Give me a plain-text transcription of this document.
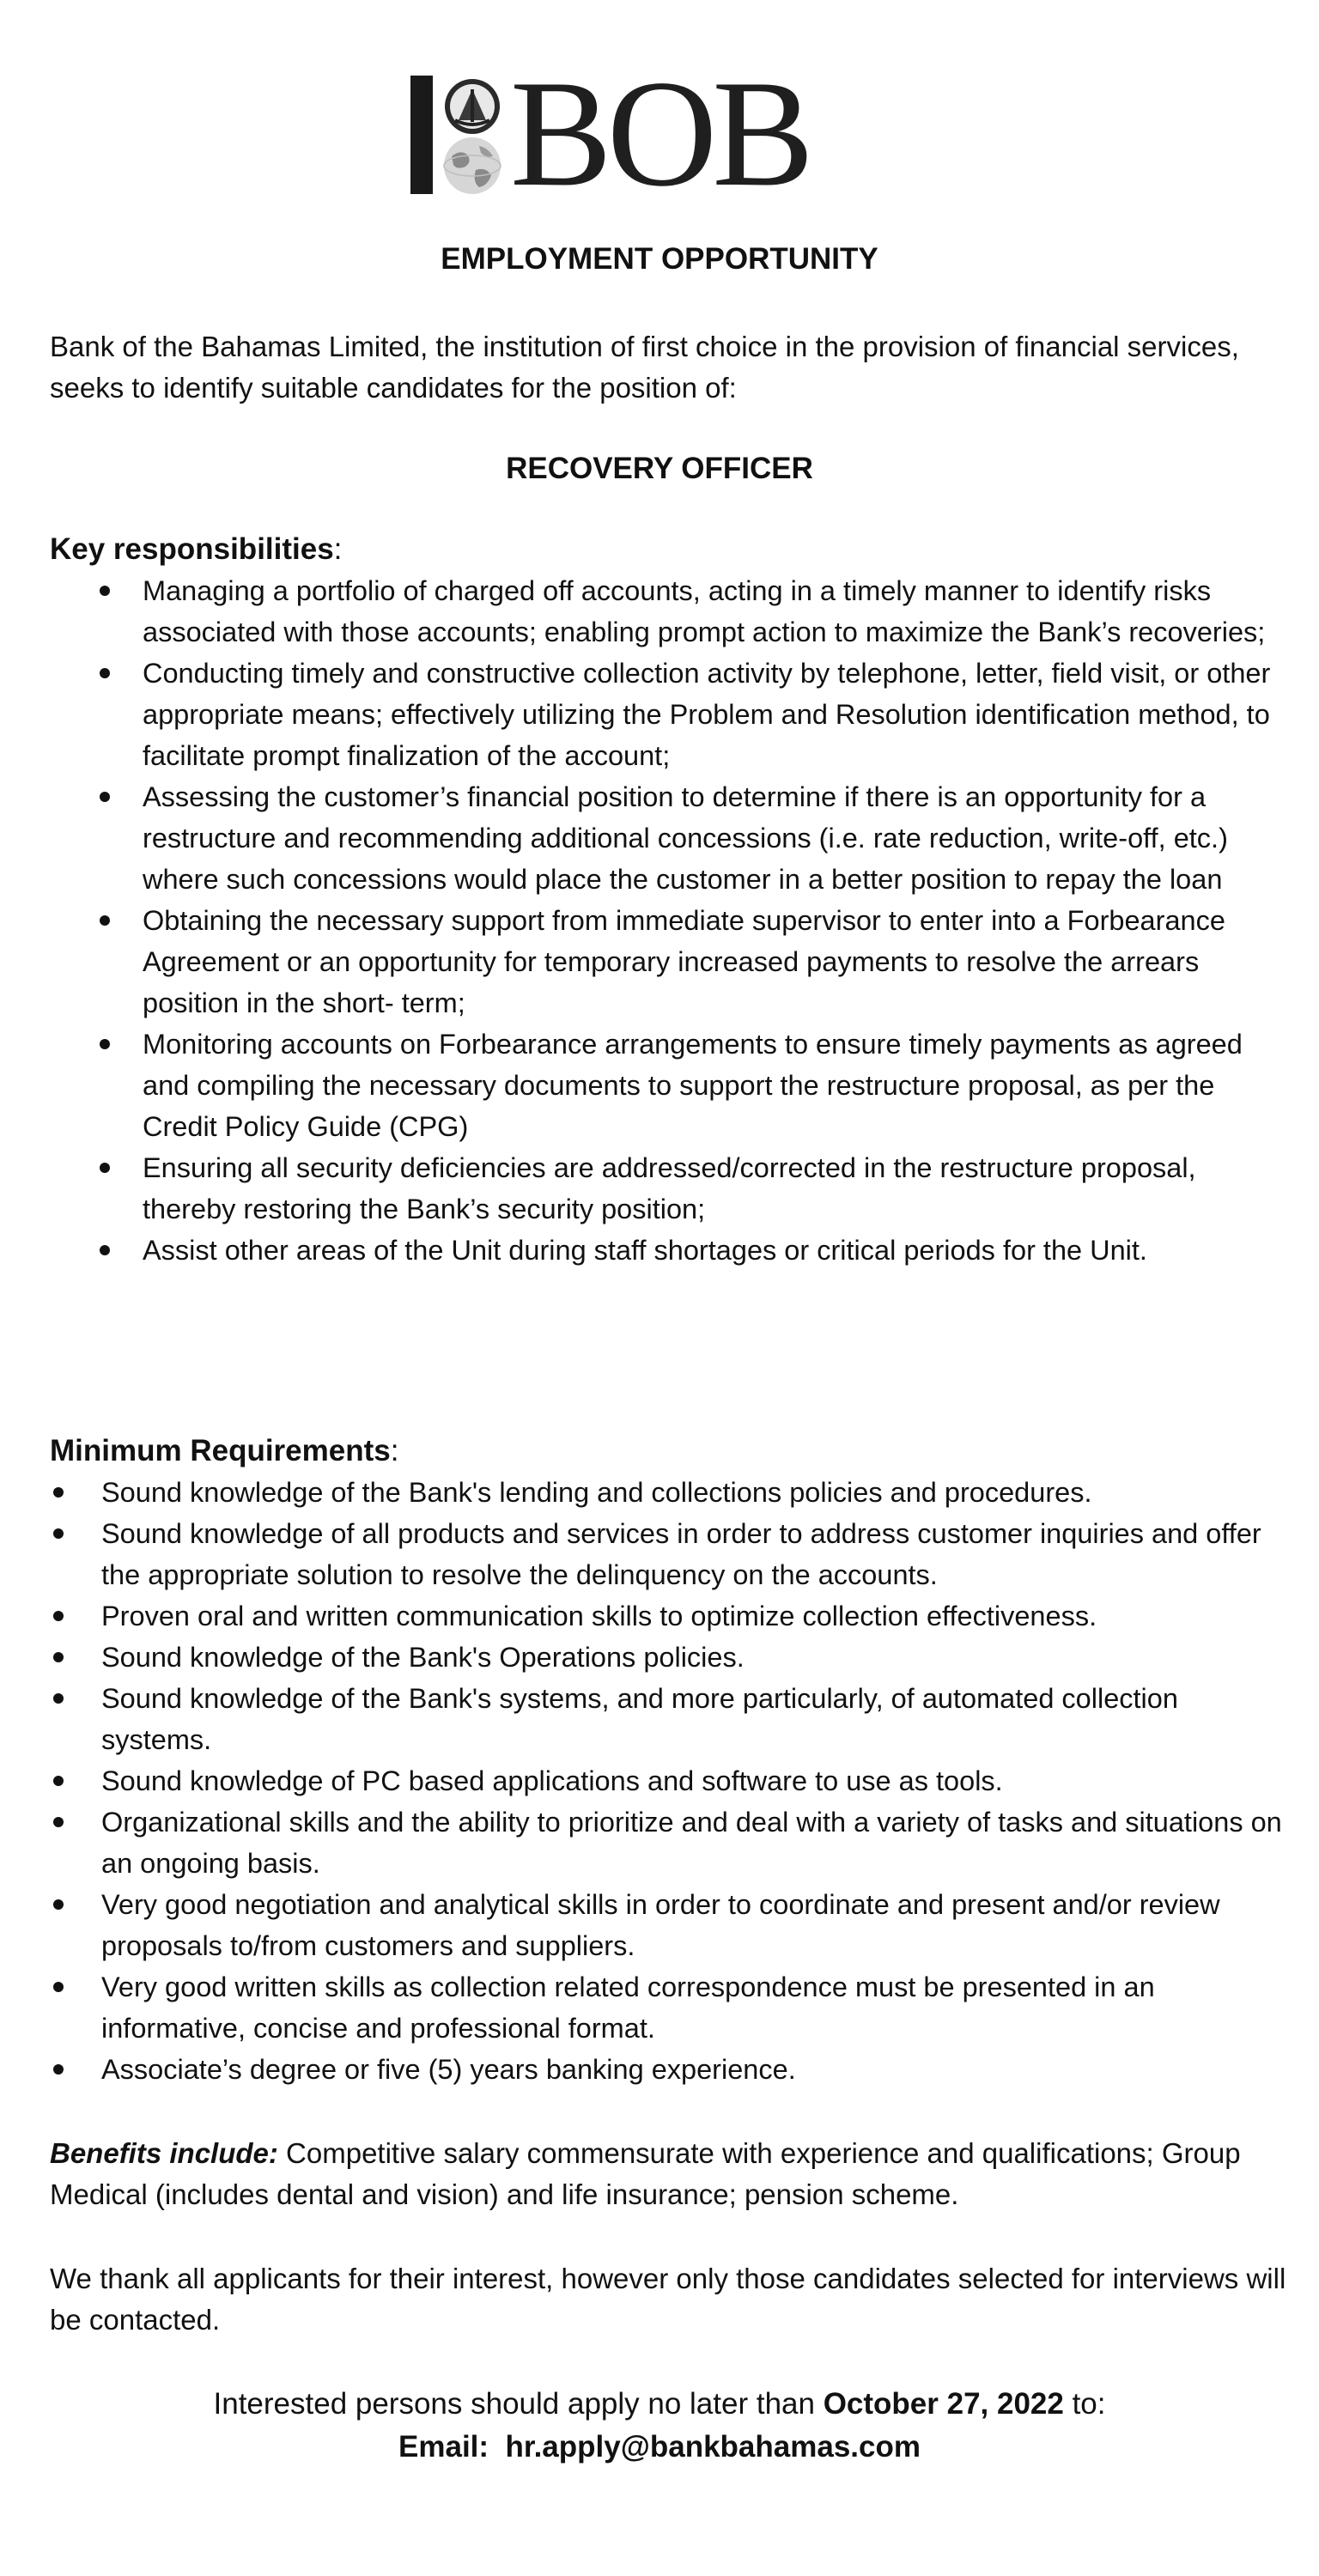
BOB
EMPLOYMENT OPPORTUNITY
Bank of the Bahamas Limited, the institution of first choice in the provision of financial services, seeks to identify suitable candidates for the position of:
RECOVERY OFFICER
Key responsibilities:
Managing a portfolio of charged off accounts, acting in a timely manner to identify risks associated with those accounts; enabling prompt action to maximize the Bank’s recoveries;
Conducting timely and constructive collection activity by telephone, letter, field visit, or other appropriate means; effectively utilizing the Problem and Resolution identification method, to facilitate prompt finalization of the account;
Assessing the customer’s financial position to determine if there is an opportunity for a restructure and recommending additional concessions (i.e. rate reduction, write-off, etc.) where such concessions would place the customer in a better position to repay the loan
Obtaining the necessary support from immediate supervisor to enter into a Forbearance Agreement or an opportunity for temporary increased payments to resolve the arrears position in the short- term;
Monitoring accounts on Forbearance arrangements to ensure timely payments as agreed and compiling the necessary documents to support the restructure proposal, as per the Credit Policy Guide (CPG)
Ensuring all security deficiencies are addressed/corrected in the restructure proposal, thereby restoring the Bank’s security position;
Assist other areas of the Unit during staff shortages or critical periods for the Unit.
Minimum Requirements:
Sound knowledge of the Bank's lending and collections policies and procedures.
Sound knowledge of all products and services in order to address customer inquiries and offer the appropriate solution to resolve the delinquency on the accounts.
Proven oral and written communication skills to optimize collection effectiveness.
Sound knowledge of the Bank's Operations policies.
Sound knowledge of the Bank's systems, and more particularly, of automated collection systems.
Sound knowledge of PC based applications and software to use as tools.
Organizational skills and the ability to prioritize and deal with a variety of tasks and situations on an ongoing basis.
Very good negotiation and analytical skills in order to coordinate and present and/or review proposals to/from customers and suppliers.
Very good written skills as collection related correspondence must be presented in an informative, concise and professional format.
Associate’s degree or five (5) years banking experience.
Benefits include: Competitive salary commensurate with experience and qualifications; Group Medical (includes dental and vision) and life insurance; pension scheme.
We thank all applicants for their interest, however only those candidates selected for interviews will be contacted.
Interested persons should apply no later than October 27, 2022 to:
Email: hr.apply@bankbahamas.com
